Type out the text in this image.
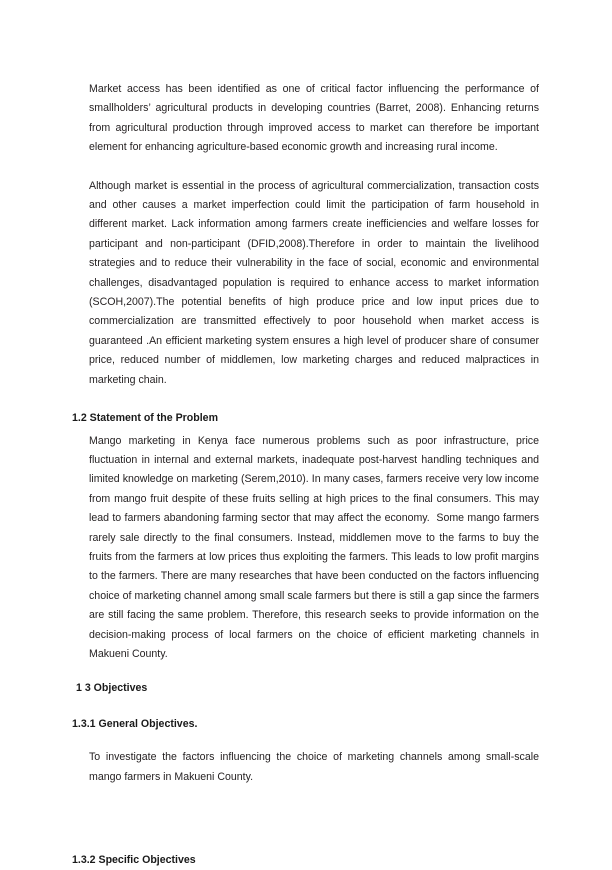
Market access has been identified as one of critical factor influencing the performance of smallholders’ agricultural products in developing countries (Barret, 2008). Enhancing returns from agricultural production through improved access to market can therefore be important element for enhancing agriculture-based economic growth and increasing rural income.

Although market is essential in the process of agricultural commercialization, transaction costs and other causes a market imperfection could limit the participation of farm household in different market. Lack information among farmers create inefficiencies and welfare losses for participant and non-participant (DFID,2008).Therefore in order to maintain the livelihood strategies and to reduce their vulnerability in the face of social, economic and environmental challenges, disadvantaged population is required to enhance access to market information (SCOH,2007).The potential benefits of high produce price and low input prices due to commercialization are transmitted effectively to poor household when market access is guaranteed .An efficient marketing system ensures a high level of producer share of consumer price, reduced number of middlemen, low marketing charges and reduced malpractices in marketing chain.

1.2 Statement of the Problem

Mango marketing in Kenya face numerous problems such as poor infrastructure, price fluctuation in internal and external markets, inadequate post-harvest handling techniques and limited knowledge on marketing (Serem,2010). In many cases, farmers receive very low income from mango fruit despite of these fruits selling at high prices to the final consumers. This may lead to farmers abandoning farming sector that may affect the economy.  Some mango farmers rarely sale directly to the final consumers. Instead, middlemen move to the farms to buy the fruits from the farmers at low prices thus exploiting the farmers. This leads to low profit margins to the farmers. There are many researches that have been conducted on the factors influencing choice of marketing channel among small scale farmers but there is still a gap since the farmers are still facing the same problem. Therefore, this research seeks to provide information on the decision-making process of local farmers on the choice of efficient marketing channels in Makueni County.

1 3 Objectives
1.3.1 General Objectives.

To investigate the factors influencing the choice of marketing channels among small-scale mango farmers in Makueni County.

1.3.2 Specific Objectives
